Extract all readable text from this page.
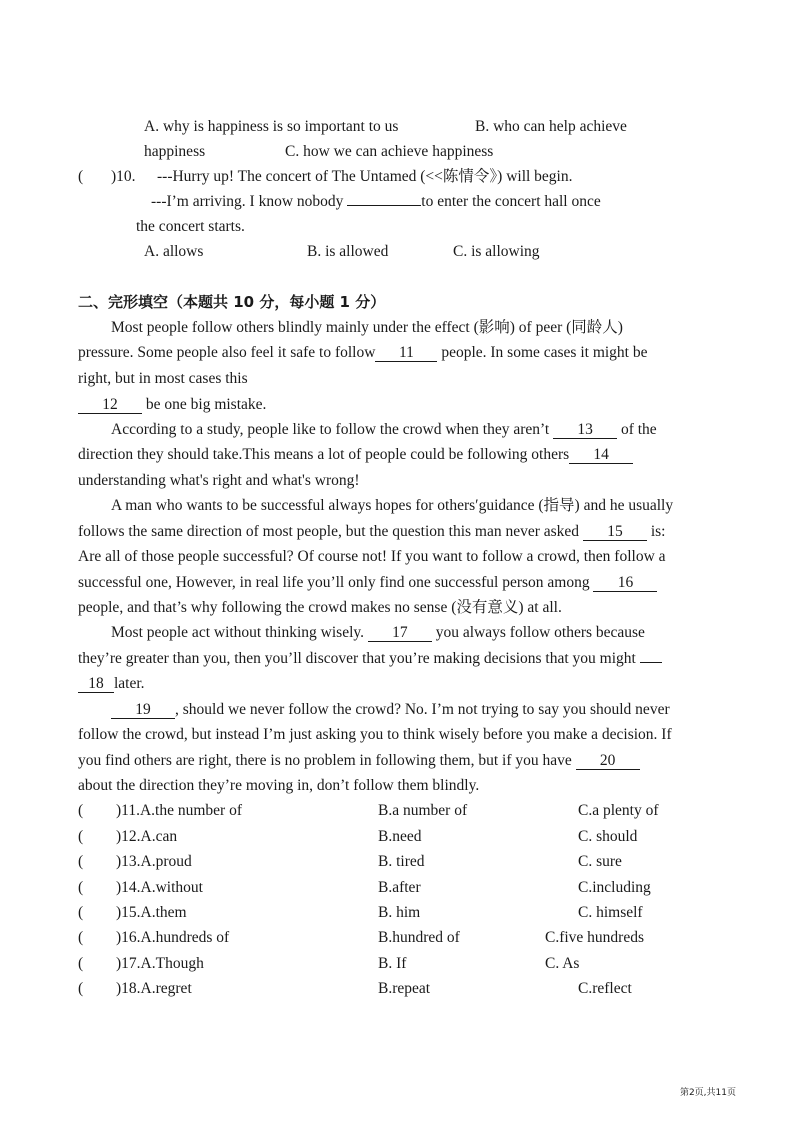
A. why is happiness is so important to us	B. who can help achieve
happiness	C. how we can achieve happiness
( )10. ---Hurry up! The concert of The Untamed (<<陈情令》) will begin.
---I’m arriving. I know nobody	to enter the concert hall once
the concert starts.
A. allows	B. is allowed	C. is allowing
二、完形填空（本题共 10 分，每小题 1 分）
Most people follow others blindly mainly under the effect (影响) of peer (同龄人)
pressure. Some people also feel it safe to follow 11 people. In some cases it might be
right, but in most cases this
12 be one big mistake.
According to a study, people like to follow the crowd when they aren’t 13 of the
direction they should take.This means a lot of people could be following others 14
understanding what's right and what's wrong!
A man who wants to be successful always hopes for others′guidance (指导) and he usually
follows the same direction of most people, but the question this man never asked 15 is:
Are all of those people successful? Of course not! If you want to follow a crowd, then follow a
successful one, However, in real life you’ll only find one successful person among 16
people, and that’s why following the crowd makes no sense (没有意义) at all.
Most people act without thinking wisely. 17 you always follow others because
they’re greater than you, then you’ll discover that you’re making decisions that you might
18 later.
19 , should we never follow the crowd? No. I’m not trying to say you should never
follow the crowd, but instead I’m just asking you to think wisely before you make a decision. If
you find others are right, there is no problem in following them, but if you have 20
about the direction they’re moving in, don’t follow them blindly.
( )11.A.the number of	B.a number of	C.a plenty of
( )12.A.can	B.need	C. should
( )13.A.proud	B. tired	C. sure
( )14.A.without	B.after	C.including
( )15.A.them	B. him	C. himself
( )16.A.hundreds of	B.hundred of	C.five hundreds
( )17.A.Though	B. If	C. As
( )18.A.regret	B.repeat	C.reflect
第2页,共11页
